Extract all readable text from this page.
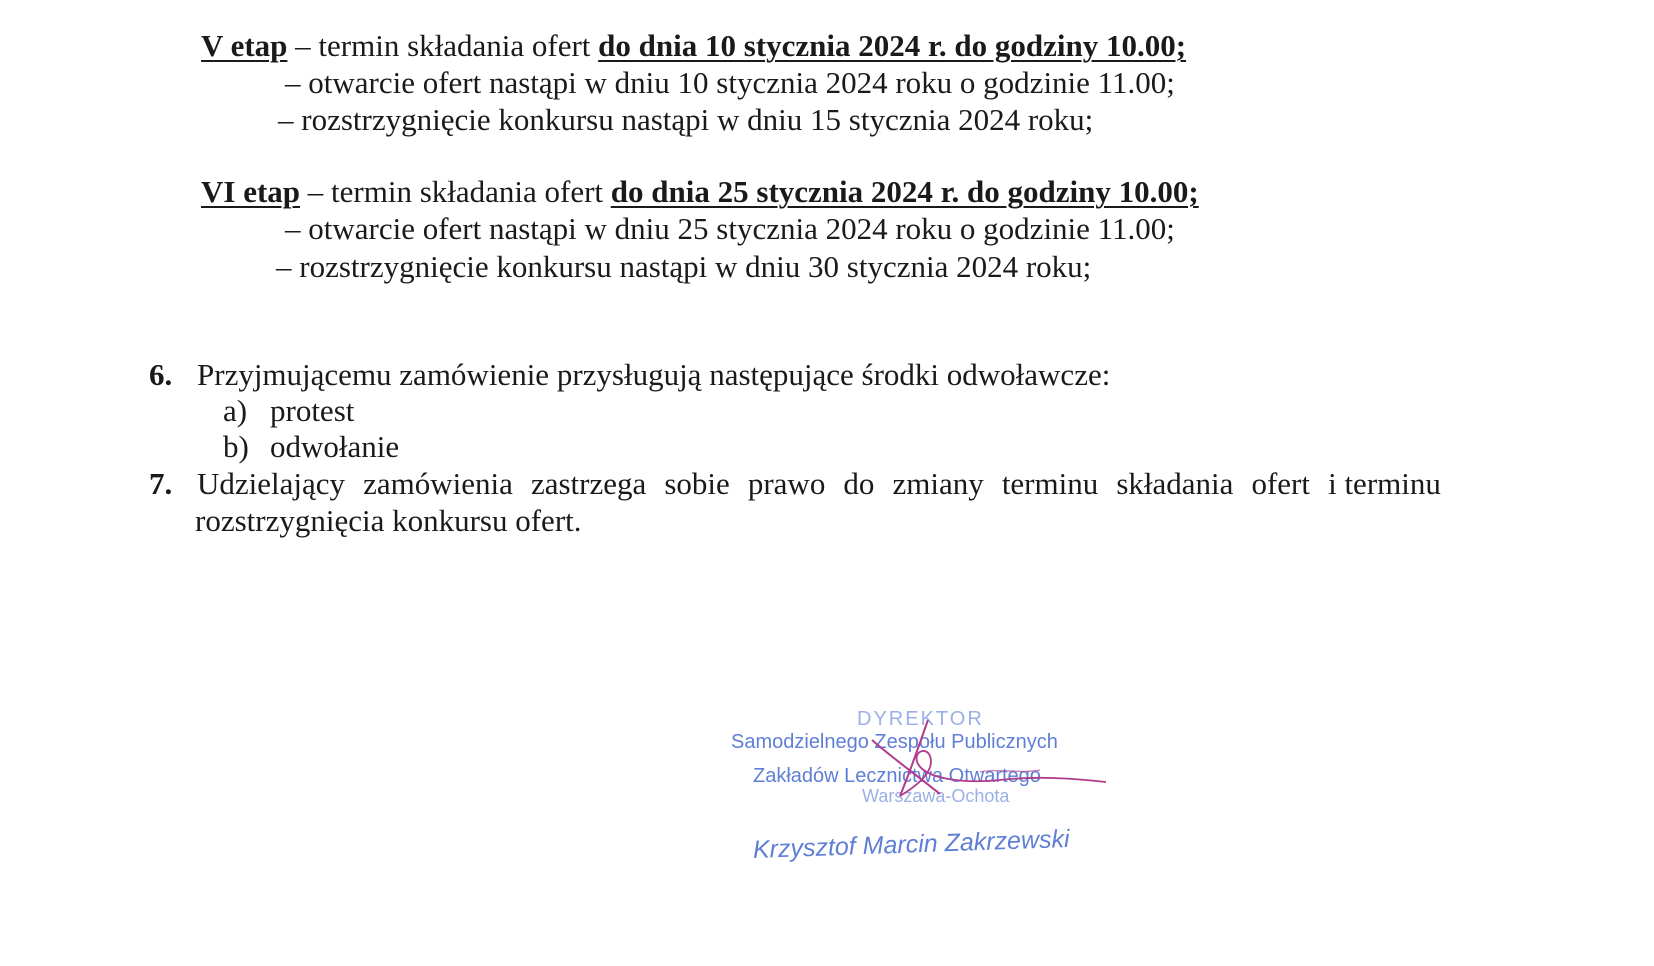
V etap – termin składania ofert do dnia 10 stycznia 2024 r. do godziny 10.00;
– otwarcie ofert nastąpi w dniu 10 stycznia 2024 roku o godzinie 11.00;
– rozstrzygnięcie konkursu nastąpi w dniu 15 stycznia 2024 roku;
VI etap – termin składania ofert do dnia 25 stycznia 2024 r. do godziny 10.00;
– otwarcie ofert nastąpi w dniu 25 stycznia 2024 roku o godzinie 11.00;
– rozstrzygnięcie konkursu nastąpi w dniu 30 stycznia 2024 roku;
6. Przyjmującemu zamówienie przysługują następujące środki odwoławcze:
a) protest
b) odwołanie
7. Udzielający zamówienia zastrzega sobie prawo do zmiany terminu składania ofert i terminu
rozstrzygnięcia konkursu ofert.
DYREKTOR
Samodzielnego Zespołu Publicznych
Zakładów Lecznictwa Otwartego
Warszawa-Ochota
Krzysztof Marcin Zakrzewski
